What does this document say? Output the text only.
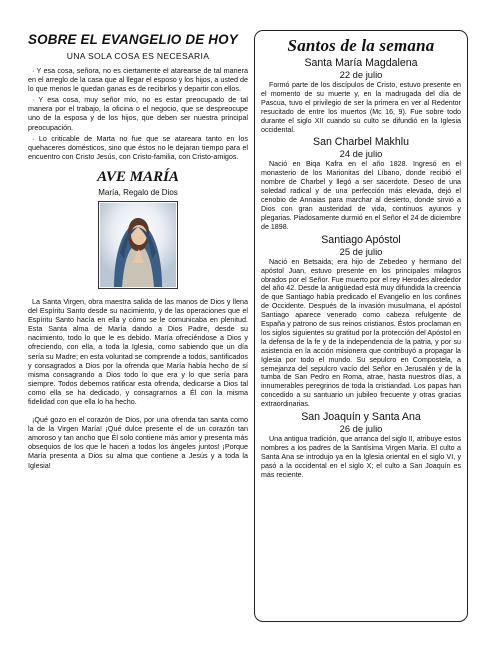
SOBRE EL EVANGELIO DE HOY
UNA SOLA COSA ES NECESARIA

· Y esa cosa, señora, no es ciertamente el atarearse de tal manera en el arreglo de la casa que al llegar el esposo y los hijos, a usted de lo que menos le quedan ganas es de recibirlos y departir con ellos.

· Y esa cosa, muy señor mío, no es estar preocupado de tal manera por el trabajo, la oficina o el negocio, que se despreocupe uno de la esposa y de los hijos, que deben ser nuestra principal preocupación.

· Lo criticable de Marta no fue que se atareara tanto en los quehaceres domésticos, sino que éstos no le dejaran tiempo para el encuentro con Cristo Jesús, con Cristo-familia, con Cristo-amigos.

AVE MARÍA
María, Regalo de Dios

La Santa Virgen, obra maestra salida de las manos de Dios y llena del Espíritu Santo desde su nacimiento, y de las operaciones que el Espíritu Santo hacía en ella y cómo se le comunicaba en plenitud. Esta Santa alma de María dando a Dios Padre, desde su nacimiento, todo lo que le es debido. María ofreciéndose a Dios y ofreciendo, con ella, a toda la Iglesia, como sabiendo que un día sería su Madre; en esta voluntad se comprende a todos, santificados y consagrados a Dios por la ofrenda que María había hecho de sí misma consagrando a Dios todo lo que era y lo que sería para siempre. Todos debemos ratificar esta ofrenda, dedicarse a Dios tal como ella se ha dedicado, y consagrarnos a Él con la misma fidelidad con que ella lo ha hecho.

¡Qué gozo en el corazón de Dios, por una ofrenda tan santa como la de la Virgen María! ¡Qué dulce presente el de un corazón tan amoroso y tan ancho que Él solo contiene más amor y presenta más obsequios de los que le hacen a todos los ángeles juntos! ¡Porque María presenta a Dios su alma que contiene a Jesús y a toda la Iglesia!

Santos de la semana
Santa María Magdalena
22 de julio

Formó parte de los discípulos de Cristo, estuvo presente en el momento de su muerte y, en la madrugada del día de Pascua, tuvo el privilegio de ser la primera en ver al Redentor resucitado de entre los muertos (Mc 16, 9). Fue sobre todo durante el siglo XII cuando su culto se difundió en la Iglesia occidental.

San Charbel Makhlu
24 de julio

Nació en Biqa Kafra en el año 1828. Ingresó en el monasterio de los Marionitas del Líbano, donde recibió el nombre de Charbel y llegó a ser sacerdote. Deseo de una soledad radical y de una perfección más elevada, dejó el cenobio de Annaias para marchar al desierto, donde sirvió a Dios con gran austeridad de vida, continuos ayunos y plegarias. Piadosamente durmió en el Señor el 24 de diciembre de 1898.

Santiago Apóstol
25 de julio

Nació en Betsaida; era hijo de Zebedeo y hermano del apóstol Juan, estuvo presente en los principales milagros obrados por el Señor. Fue muerto por el rey Herodes alrededor del año 42. Desde la antigüedad está muy difundida la creencia de que Santiago había predicado el Evangelio en los confines de Occidente. Después de la invasión musulmana, el apóstol Santiago aparece venerado como cabeza refulgente de España y patrono de sus reinos cristianos. Éstos proclaman en los siglos siguientes su gratitud por la protección del Apóstol en la defensa de la fe y de la independencia de la patria, y por su asistencia en la acción misionera que contribuyó a propagar la Iglesia por todo el mundo. Su sepulcro en Compostela, a semejanza del sepulcro vacío del Señor en Jerusalén y de la tumba de San Pedro en Roma, atrae, hasta nuestros días, a innumerables peregrinos de toda la cristiandad. Los papas han concedido a su santuario un jubileo frecuente y otras gracias extraordinarias.

San Joaquín y Santa Ana
26 de julio

Una antigua tradición, que arranca del siglo II, atribuye estos nombres a los padres de la Santísima Virgen María. El culto a Santa Ana se introdujo ya en la Iglesia oriental en el siglo VI, y pasó a la occidental en el siglo X; el culto a San Joaquín es más reciente.
